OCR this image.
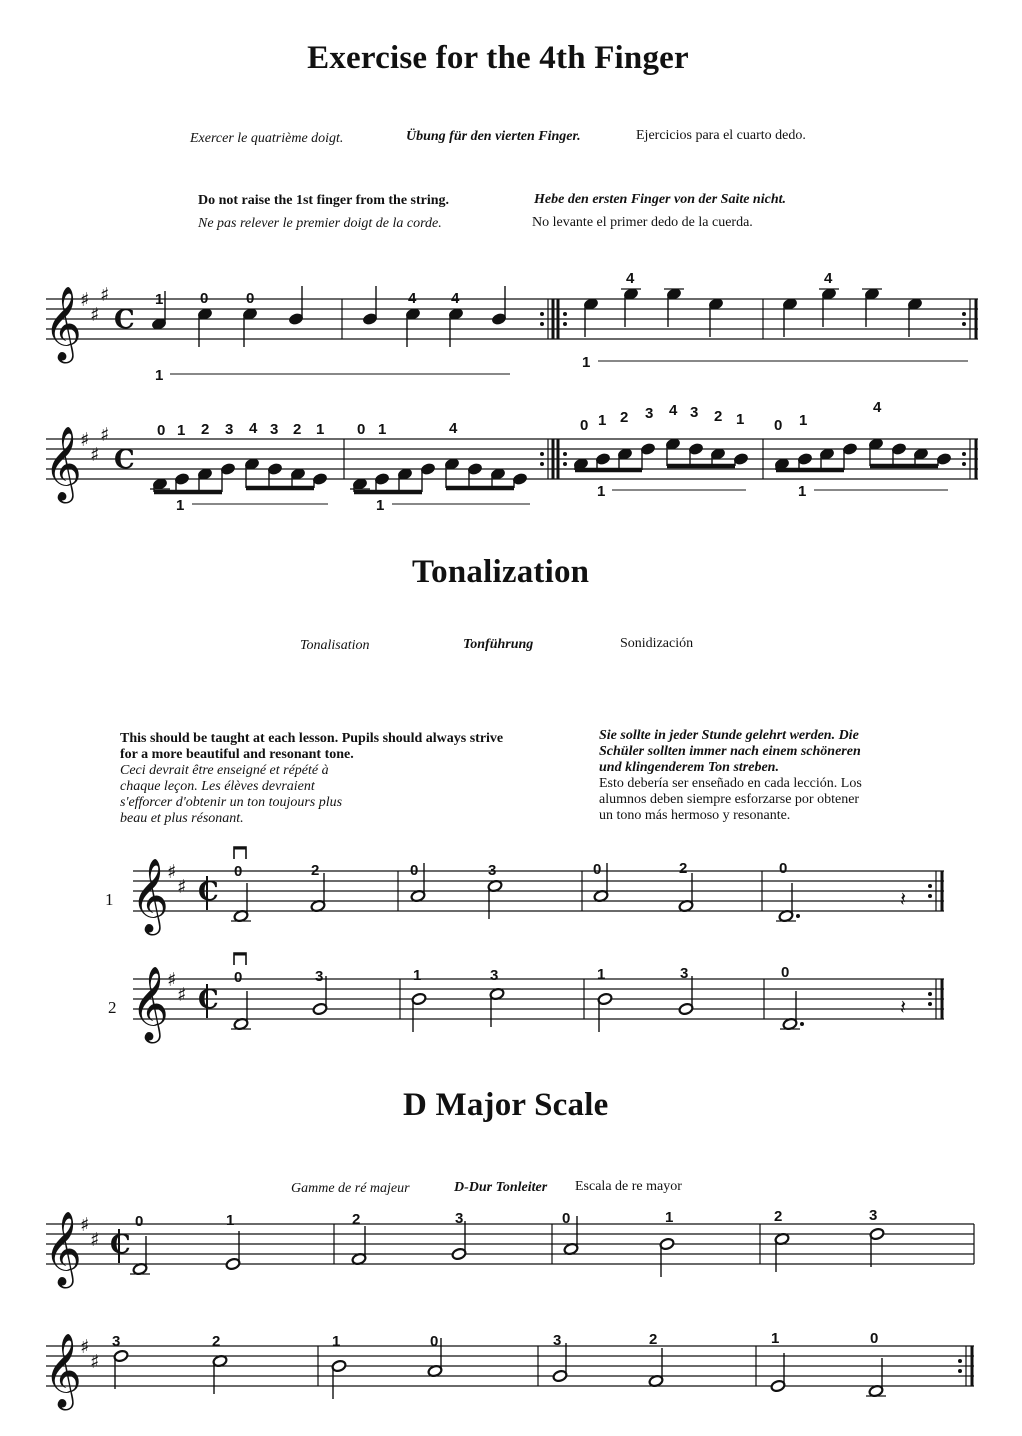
Exercise for the 4th Finger
Exercer le quatrième doigt.	Übung für den vierten Finger.	Ejercicios para el cuarto dedo.
Do not raise the 1st finger from the string.
Ne pas relever le premier doigt de la corde.
Hebe den ersten Finger von der Saite nicht.
No levante el primer dedo de la cuerda.
𝄞
♯
♯
♯
C
1 0	0	4 4
4	4
1
1
𝄞
♯
♯
♯
C
0 1 2 3 4 3 2 1 0 1	4	0 1 2 3 4 3 2 1 0 1
4
1	1
1	1
1 𝄞
♯
♯ C	𝄽
0	2	0	3	0	2	0
2 𝄞
♯
♯ C	𝄽
0	3	1	3	1	3	0
𝄞
♯
♯ C
0	1	2	3	0	1	2	3
𝄞
♯
♯
3	2	1	0	3	2	1	0
Tonalization
Tonalisation	Tonführung	Sonidización
This should be taught at each lesson. Pupils should always strive
for a more beautiful and resonant tone.
Ceci devrait être enseigné et répété à
chaque leçon. Les élèves devraient
s'efforcer d'obtenir un ton toujours plus
beau et plus résonant.
Sie sollte in jeder Stunde gelehrt werden. Die
Schüler sollten immer nach einem schöneren
und klingenderem Ton streben.
Esto debería ser enseñado en cada lección. Los
alumnos deben siempre esforzarse por obtener
un tono más hermoso y resonante.
D Major Scale
Gamme de ré majeur	D-Dur Tonleiter Escala de re mayor
